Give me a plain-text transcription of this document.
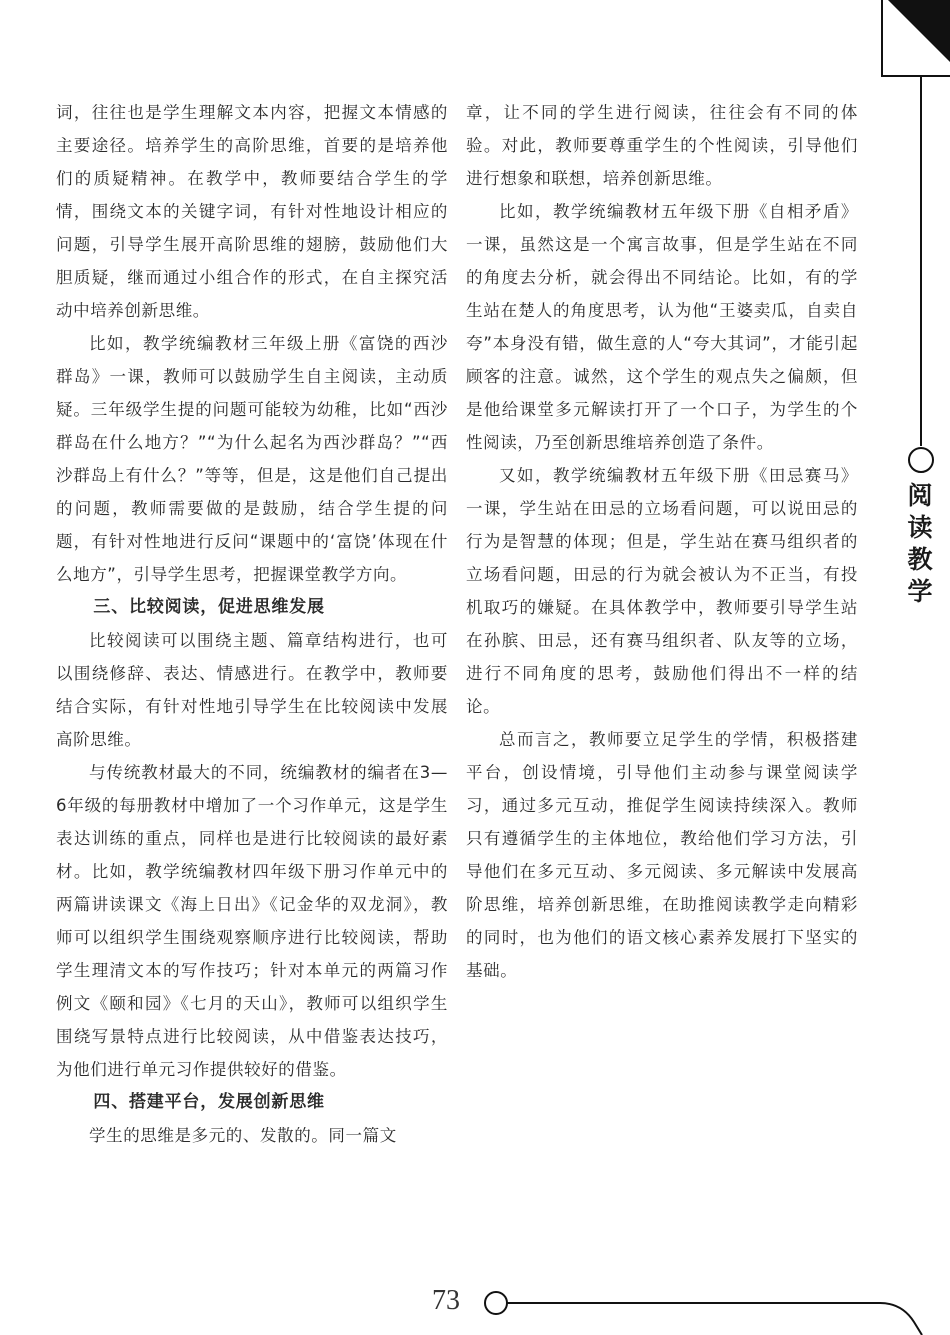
词，往往也是学生理解文本内容，把握文本情感的主要途径。培养学生的高阶思维，首要的是培养他们的质疑精神。在教学中，教师要结合学生的学情，围绕文本的关键字词，有针对性地设计相应的问题，引导学生展开高阶思维的翅膀，鼓励他们大胆质疑，继而通过小组合作的形式，在自主探究活动中培养创新思维。

比如，教学统编教材三年级上册《富饶的西沙群岛》一课，教师可以鼓励学生自主阅读，主动质疑。三年级学生提的问题可能较为幼稚，比如“西沙群岛在什么地方？”“为什么起名为西沙群岛？”“西沙群岛上有什么？”等等，但是，这是他们自己提出的问题，教师需要做的是鼓励，结合学生提的问题，有针对性地进行反问“课题中的‘富饶’体现在什么地方”，引导学生思考，把握课堂教学方向。

三、比较阅读，促进思维发展

比较阅读可以围绕主题、篇章结构进行，也可以围绕修辞、表达、情感进行。在教学中，教师要结合实际，有针对性地引导学生在比较阅读中发展高阶思维。

与传统教材最大的不同，统编教材的编者在3—6年级的每册教材中增加了一个习作单元，这是学生表达训练的重点，同样也是进行比较阅读的最好素材。比如，教学统编教材四年级下册习作单元中的两篇讲读课文《海上日出》《记金华的双龙洞》，教师可以组织学生围绕观察顺序进行比较阅读，帮助学生理清文本的写作技巧；针对本单元的两篇习作例文《颐和园》《七月的天山》，教师可以组织学生围绕写景特点进行比较阅读，从中借鉴表达技巧，为他们进行单元习作提供较好的借鉴。

四、搭建平台，发展创新思维

学生的思维是多元的、发散的。同一篇文

章，让不同的学生进行阅读，往往会有不同的体验。对此，教师要尊重学生的个性阅读，引导他们进行想象和联想，培养创新思维。

比如，教学统编教材五年级下册《自相矛盾》一课，虽然这是一个寓言故事，但是学生站在不同的角度去分析，就会得出不同结论。比如，有的学生站在楚人的角度思考，认为他“王婆卖瓜，自卖自夸”本身没有错，做生意的人“夸大其词”，才能引起顾客的注意。诚然，这个学生的观点失之偏颇，但是他给课堂多元解读打开了一个口子，为学生的个性阅读，乃至创新思维培养创造了条件。

又如，教学统编教材五年级下册《田忌赛马》一课，学生站在田忌的立场看问题，可以说田忌的行为是智慧的体现；但是，学生站在赛马组织者的立场看问题，田忌的行为就会被认为不正当，有投机取巧的嫌疑。在具体教学中，教师要引导学生站在孙膑、田忌，还有赛马组织者、队友等的立场，进行不同角度的思考，鼓励他们得出不一样的结论。

总而言之，教师要立足学生的学情，积极搭建平台，创设情境，引导他们主动参与课堂阅读学习，通过多元互动，推促学生阅读持续深入。教师只有遵循学生的主体地位，教给他们学习方法，引导他们在多元互动、多元阅读、多元解读中发展高阶思维，培养创新思维，在助推阅读教学走向精彩的同时，也为他们的语文核心素养发展打下坚实的基础。

阅读教学
73
